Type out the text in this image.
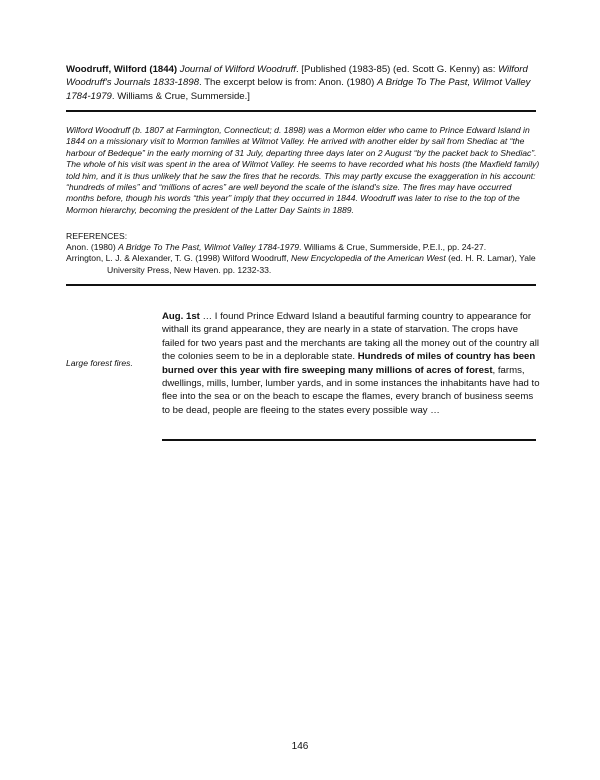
Woodruff, Wilford (1844) Journal of Wilford Woodruff. [Published (1983-85) (ed. Scott G. Kenny) as: Wilford Woodruff's Journals 1833-1898. The excerpt below is from: Anon. (1980) A Bridge To The Past, Wilmot Valley 1784-1979. Williams & Crue, Summerside.]
Wilford Woodruff (b. 1807 at Farmington, Connecticut; d. 1898) was a Mormon elder who came to Prince Edward Island in 1844 on a missionary visit to Mormon families at Wilmot Valley. He arrived with another elder by sail from Shediac at “the harbour of Bedeque” in the early morning of 31 July, departing three days later on 2 August “by the packet back to Shediac”. The whole of his visit was spent in the area of Wilmot Valley. He seems to have recorded what his hosts (the Maxfield family) told him, and it is thus unlikely that he saw the fires that he records. This may partly excuse the exaggeration in his account: “hundreds of miles” and “millions of acres” are well beyond the scale of the island's size. The fires may have occurred months before, though his words “this year” imply that they occurred in 1844. Woodruff was later to rise to the top of the Mormon hierarchy, becoming the president of the Latter Day Saints in 1889.

REFERENCES:

Anon. (1980) A Bridge To The Past, Wilmot Valley 1784-1979. Williams & Crue, Summerside, P.E.I., pp. 24-27.

Arrington, L. J. & Alexander, T. G. (1998) Wilford Woodruff, New Encyclopedia of the American West (ed. H. R. Lamar), Yale University Press, New Haven. pp. 1232-33.

Large forest fires.
Aug. 1st … I found Prince Edward Island a beautiful farming country to appearance for withall its grand appearance, they are nearly in a state of starvation. The crops have failed for two years past and the merchants are taking all the money out of the country all the colonies seem to be in a deplorable state. Hundreds of miles of country has been burned over this year with fire sweeping many millions of acres of forest, farms, dwellings, mills, lumber, lumber yards, and in some instances the inhabitants have had to flee into the sea or on the beach to escape the flames, every branch of business seems to be dead, people are fleeing to the states every possible way …
146
